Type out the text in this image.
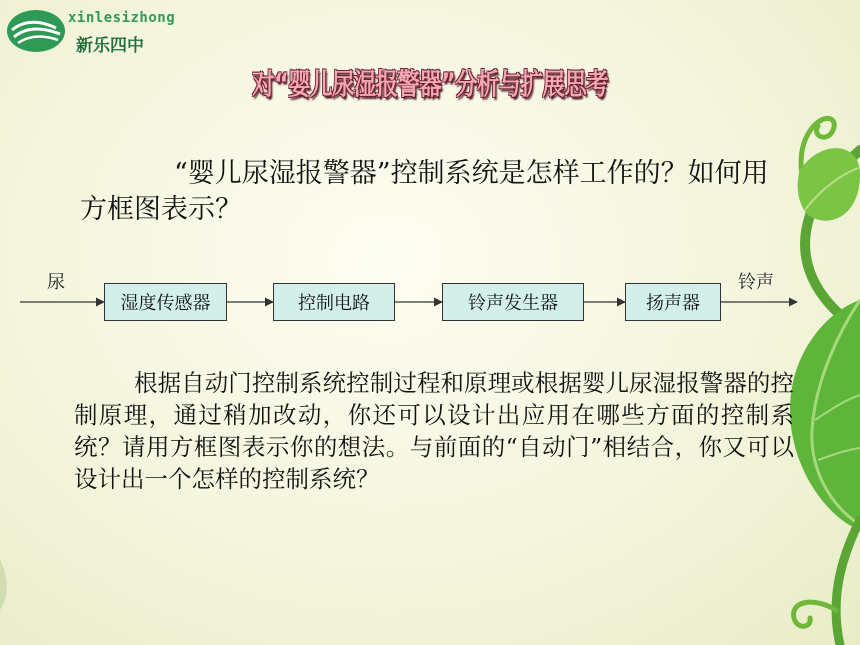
xinlesizhong
新乐四中
对“婴儿尿湿报警器”分析与扩展思考
“婴儿尿湿报警器”控制系统是怎样工作的？如何用方框图表示？
尿	铃声
湿度传感器	控制电路	铃声发生器	扬声器
根据自动门控制系统控制过程和原理或根据婴儿尿湿报警器的控制原理，通过稍加改动，你还可以设计出应用在哪些方面的控制系统？请用方框图表示你的想法。与前面的“自动门”相结合，你又可以设计出一个怎样的控制系统？
